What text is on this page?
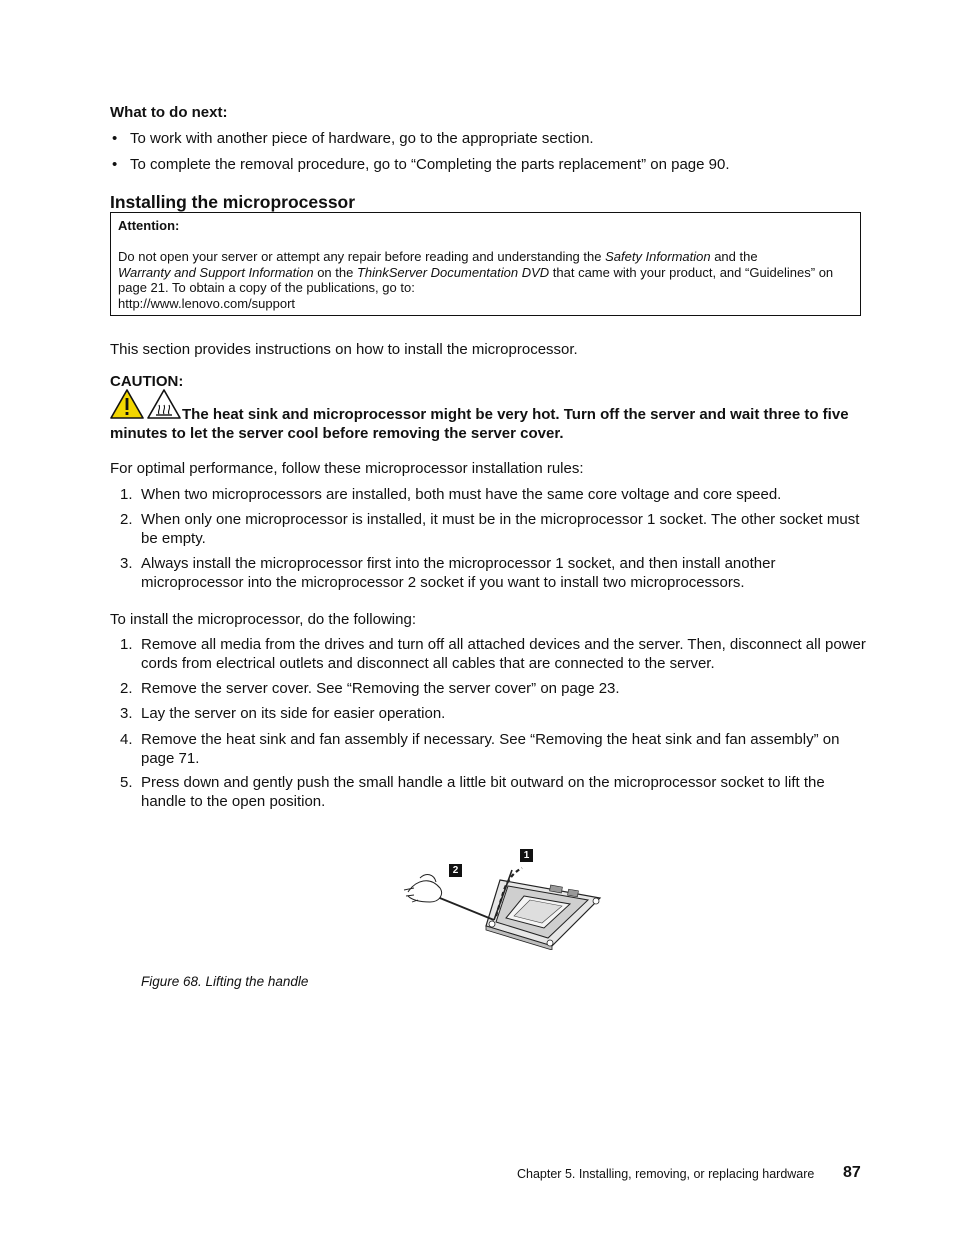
What to do next:
• To work with another piece of hardware, go to the appropriate section.
• To complete the removal procedure, go to “Completing the parts replacement” on page 90.
Installing the microprocessor
Attention:

Do not open your server or attempt any repair before reading and understanding the Safety Information and the
Warranty and Support Information on the ThinkServer Documentation DVD that came with your product, and “Guidelines” on page 21. To obtain a copy of the publications, go to:
http://www.lenovo.com/support

This section provides instructions on how to install the microprocessor.
CAUTION:

The heat sink and microprocessor might be very hot. Turn off the server and wait three to five minutes to let the server cool before removing the server cover.

For optimal performance, follow these microprocessor installation rules:
1. When two microprocessors are installed, both must have the same core voltage and core speed.

2. When only one microprocessor is installed, it must be in the microprocessor 1 socket. The other socket must be empty.

3. Always install the microprocessor first into the microprocessor 1 socket, and then install another microprocessor into the microprocessor 2 socket if you want to install two microprocessors.

To install the microprocessor, do the following:
1. Remove all media from the drives and turn off all attached devices and the server. Then, disconnect all power cords from electrical outlets and disconnect all cables that are connected to the server.

2. Remove the server cover. See “Removing the server cover” on page 23.

3. Lay the server on its side for easier operation.

4. Remove the heat sink and fan assembly if necessary. See “Removing the heat sink and fan assembly” on page 71.

5. Press down and gently push the small handle a little bit outward on the microprocessor socket to lift the handle to the open position.

1
2
Figure 68. Lifting the handle
Chapter 5. Installing, removing, or replacing hardware 87
